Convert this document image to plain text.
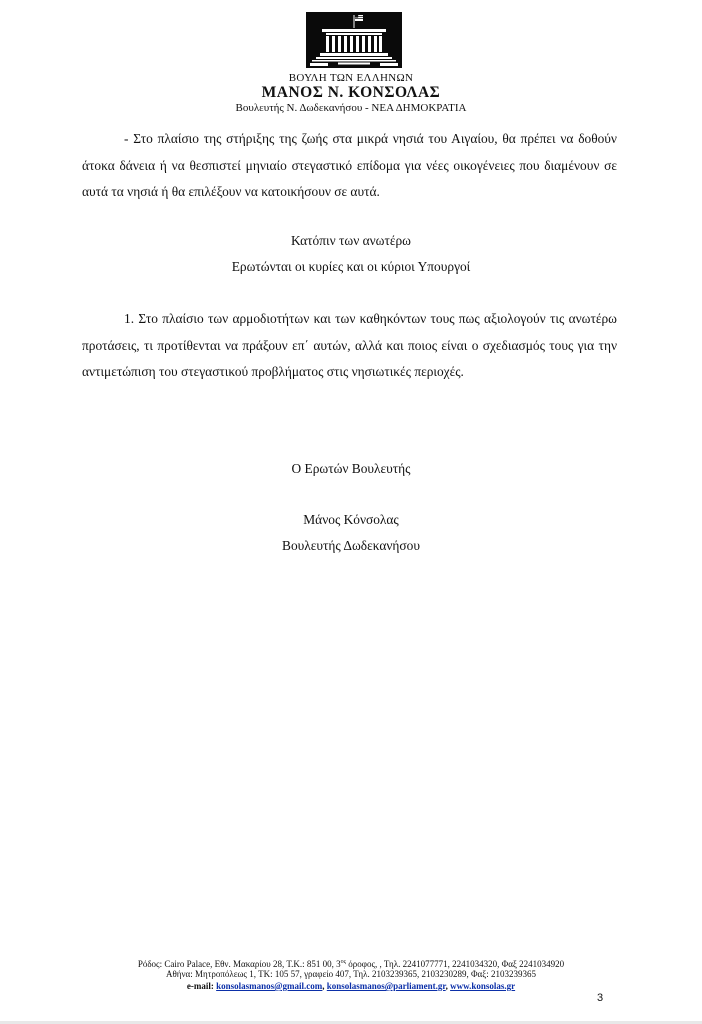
ΒΟΥΛΗ ΤΩΝ ΕΛΛΗΝΩΝ
ΜΑΝΟΣ Ν. ΚΟΝΣΟΛΑΣ
Βουλευτής Ν. Δωδεκανήσου - ΝΕΑ ΔΗΜΟΚΡΑΤΙΑ

- Στο πλαίσιο της στήριξης της ζωής στα μικρά νησιά του Αιγαίου, θα πρέπει να δοθούν άτοκα δάνεια ή να θεσπιστεί μηνιαίο στεγαστικό επίδομα για νέες οικογένειες που διαμένουν σε αυτά τα νησιά ή θα επιλέξουν να κατοικήσουν σε αυτά.

Κατόπιν των ανωτέρω

Ερωτώνται οι κυρίες και οι κύριοι Υπουργοί

1. Στο πλαίσιο των αρμοδιοτήτων και των καθηκόντων τους πως αξιολογούν τις ανωτέρω προτάσεις, τι προτίθενται να πράξουν επ΄ αυτών, αλλά και ποιος είναι ο σχεδιασμός τους για την αντιμετώπιση του στεγαστικού προβλήματος στις νησιωτικές περιοχές.

Ο Ερωτών Βουλευτής

Μάνος Κόνσολας

Βουλευτής Δωδεκανήσου

Ρόδος: Cairo Palace, Εθν. Μακαρίου 28, Τ.Κ.: 851 00, $3^{o\varsigma}$ όροφος, , Τηλ. 2241077771, 2241034320, Φαξ 2241034920
Αθήνα: Μητροπόλεως 1, ΤΚ: 105 57, γραφείο 407, Τηλ. 2103239365, 2103230289, Φαξ: 2103239365
e-mail: konsolasmanos@gmail.com, konsolasmanos@parliament.gr, www.konsolas.gr
3
